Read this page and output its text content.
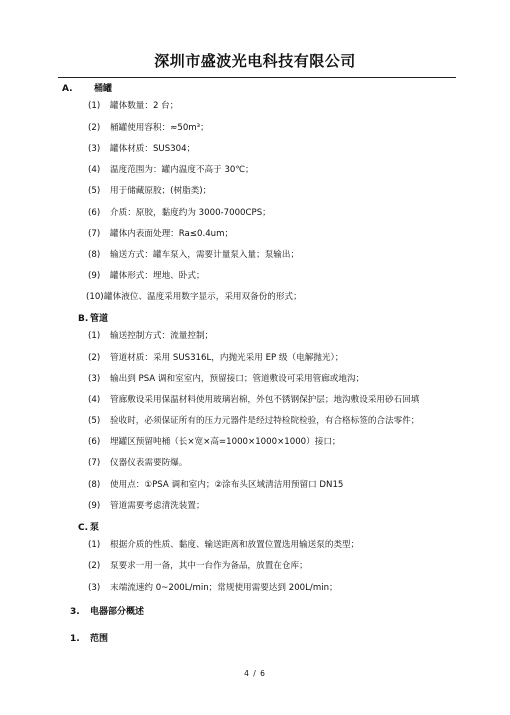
深圳市盛波光电科技有限公司
A. 桶罐
(1) 罐体数量：2 台；
(2) 桶罐使用容积：≈50m³；
(3) 罐体材质：SUS304；
(4) 温度范围为：罐内温度不高于 30℃；
(5) 用于储藏原胶；(树脂类)；
(6) 介质：原胶，黏度约为 3000-7000CPS；
(7) 罐体内表面处理：Ra≤0.4um；
(8) 输送方式：罐车泵入，需要计量泵入量；泵输出；
(9) 罐体形式：埋地、卧式；
(10)罐体液位、温度采用数字显示，采用双备份的形式；
B. 管道
(1) 输送控制方式：流量控制；
(2) 管道材质：采用 SUS316L，内抛光采用 EP 级（电解抛光）；
(3) 输出到 PSA 调和室室内，预留接口；管道敷设可采用管廊或地沟；
(4) 管廊敷设采用保温材料使用玻璃岩棉，外包不锈钢保护层；地沟敷设采用砂石回填
(5) 验收时，必须保证所有的压力元器件是经过特检院检验，有合格标签的合法零件；
(6) 埋罐区预留吨桶（长×宽×高=1000×1000×1000）接口；
(7) 仪器仪表需要防爆。
(8) 使用点：①PSA 调和室内；②涂布头区域清洁用预留口 DN15
(9) 管道需要考虑清洗装置；
C. 泵
(1) 根据介质的性质、黏度、输送距离和放置位置选用输送泵的类型；
(2) 泵要求一用一备，其中一台作为备品，放置在仓库；
(3) 末端流速约 0~200L/min；常规使用需要达到 200L/min；
3. 电器部分概述
1. 范围
4 / 6
